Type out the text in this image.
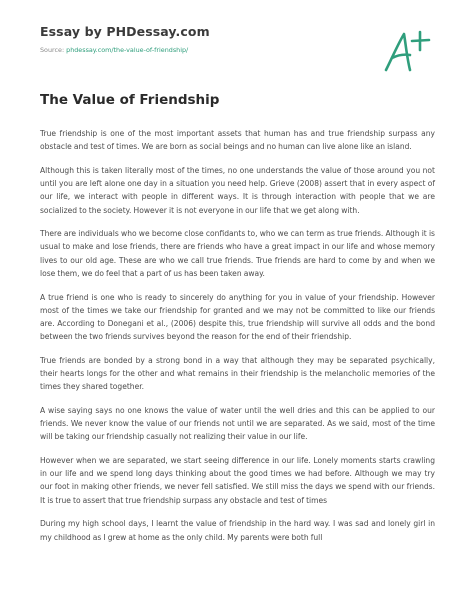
Essay by PHDessay.com
Source: phdessay.com/the-value-of-friendship/
The Value of Friendship

True friendship is one of the most important assets that human has and true friendship surpass any obstacle and test of times. We are born as social beings and no human can live alone like an island.

Although this is taken literally most of the times, no one understands the value of those around you not until you are left alone one day in a situation you need help. Grieve (2008) assert that in every aspect of our life, we interact with people in different ways. It is through interaction with people that we are socialized to the society. However it is not everyone in our life that we get along with.

There are individuals who we become close confidants to, who we can term as true friends. Although it is usual to make and lose friends, there are friends who have a great impact in our life and whose memory lives to our old age. These are who we call true friends. True friends are hard to come by and when we lose them, we do feel that a part of us has been taken away.

A true friend is one who is ready to sincerely do anything for you in value of your friendship. However most of the times we take our friendship for granted and we may not be committed to like our friends are. According to Donegani et al., (2006) despite this, true friendship will survive all odds and the bond between the two friends survives beyond the reason for the end of their friendship.

True friends are bonded by a strong bond in a way that although they may be separated psychically, their hearts longs for the other and what remains in their friendship is the melancholic memories of the times they shared together.

A wise saying says no one knows the value of water until the well dries and this can be applied to our friends. We never know the value of our friends not until we are separated. As we said, most of the time will be taking our friendship casually not realizing their value in our life.

However when we are separated, we start seeing difference in our life. Lonely moments starts crawling in our life and we spend long days thinking about the good times we had before. Although we may try our foot in making other friends, we never fell satisfied. We still miss the days we spend with our friends. It is true to assert that true friendship surpass any obstacle and test of times

During my high school days, I learnt the value of friendship in the hard way. I was sad and lonely girl in my childhood as I grew at home as the only child. My parents were both full
